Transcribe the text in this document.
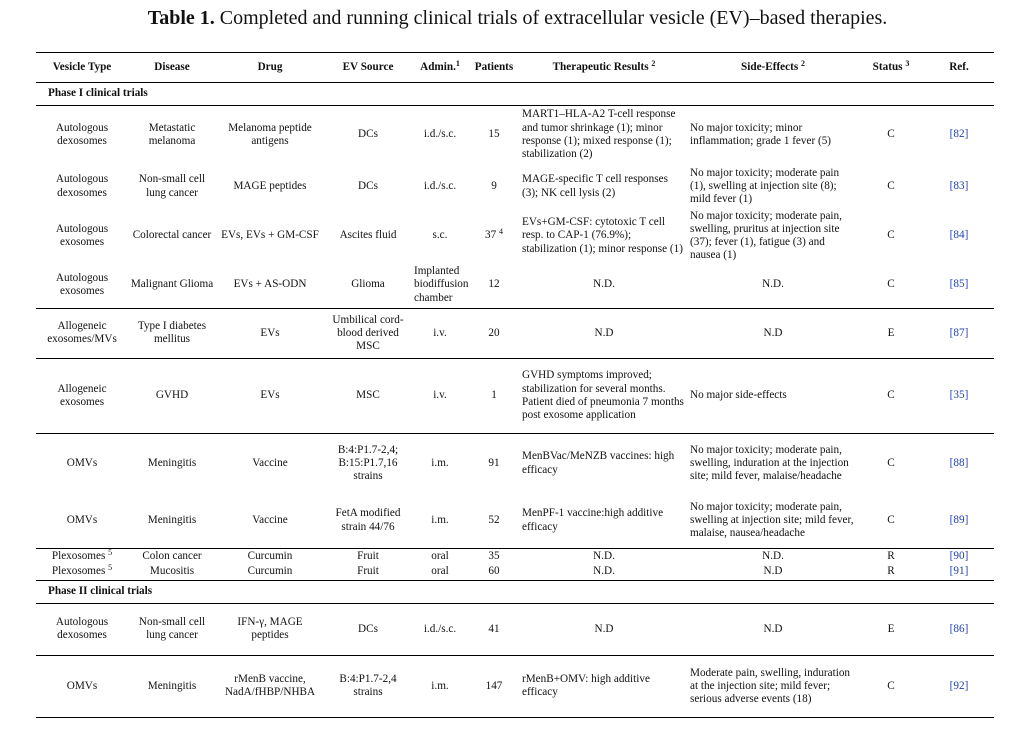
Table 1. Completed and running clinical trials of extracellular vesicle (EV)–based therapies.
Vesicle Type	Disease	Drug	EV Source	Admin.$^1$	Patients	Therapeutic Results $^2$	Side-Effects $^2$	Status $^3$	Ref.
Phase I clinical trials									
Autologous dexosomes	Metastatic melanoma	Melanoma peptide antigens	DCs	i.d./s.c.	15	MART1–HLA-A2 T-cell response and tumor shrinkage (1); minor response (1); mixed response (1); stabilization (2)	No major toxicity; minor inflammation; grade 1 fever (5)	C	[82]
Autologous dexosomes	Non-small cell lung cancer	MAGE peptides	DCs	i.d./s.c.	9	MAGE-specific T cell responses (3); NK cell lysis (2)	No major toxicity; moderate pain (1), swelling at injection site (8); mild fever (1)	C	[83]
Autologous exosomes	Colorectal cancer	EVs, EVs + GM-CSF	Ascites fluid	s.c.	37 $^4$	EVs+GM-CSF: cytotoxic T cell resp. to CAP-1 (76.9%); stabilization (1); minor response (1)	No major toxicity; moderate pain, swelling, pruritus at injection site (37); fever (1), fatigue (3) and nausea (1)	C	[84]
Autologous exosomes	Malignant Glioma	EVs + AS-ODN	Glioma	Implanted biodiffusion chamber	12	N.D.	N.D.	C	[85]
Allogeneic exosomes/MVs	Type I diabetes mellitus	EVs	Umbilical cord-blood derived MSC	i.v.	20	N.D	N.D	E	[87]
Allogeneic exosomes	GVHD	EVs	MSC	i.v.	1	GVHD symptoms improved; stabilization for several months. Patient died of pneumonia 7 months post exosome application	No major side-effects	C	[35]
OMVs	Meningitis	Vaccine	B:4:P1.7-2,4; B:15:P1.7,16 strains	i.m.	91	MenBVac/MeNZB vaccines: high efficacy	No major toxicity; moderate pain, swelling, induration at the injection site; mild fever, malaise/headache	C	[88]
OMVs	Meningitis	Vaccine	FetA modified strain 44/76	i.m.	52	MenPF-1 vaccine:high additive efficacy	No major toxicity; moderate pain, swelling at injection site; mild fever, malaise, nausea/headache	C	[89]
Plexosomes $^5$	Colon cancer	Curcumin	Fruit	oral	35	N.D.	N.D.	R	[90]
Plexosomes $^5$	Mucositis	Curcumin	Fruit	oral	60	N.D.	N.D	R	[91]
Phase II clinical trials									
Autologous dexosomes	Non-small cell lung cancer	IFN-γ, MAGE peptides	DCs	i.d./s.c.	41	N.D	N.D	E	[86]
OMVs	Meningitis	rMenB vaccine, NadA/fHBP/NHBA	B:4:P1.7-2,4 strains	i.m.	147	rMenB+OMV: high additive efficacy	Moderate pain, swelling, induration at the injection site; mild fever; serious adverse events (18)	C	[92]
